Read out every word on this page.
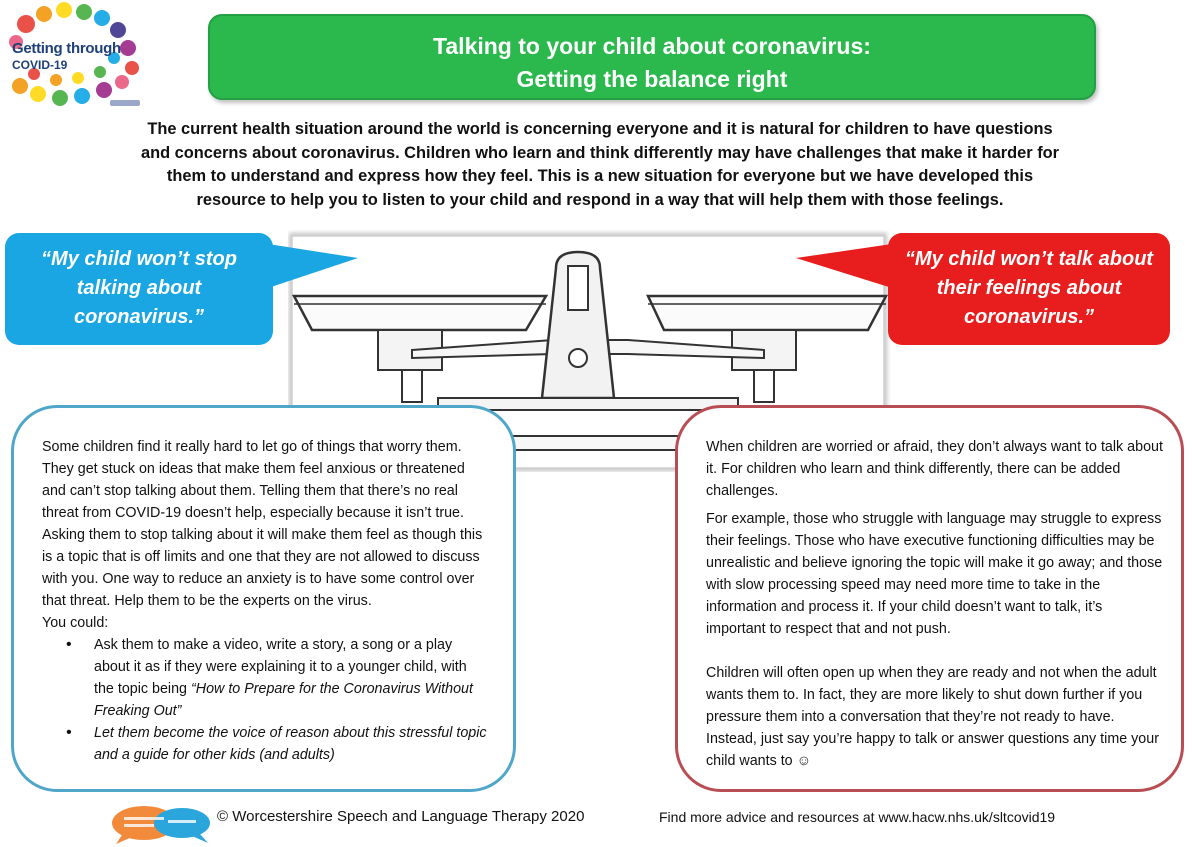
Getting through
COVID-19
Talking to your child about coronavirus:
Getting the balance right
The current health situation around the world is concerning everyone and it is natural for children to have questions
and concerns about coronavirus. Children who learn and think differently may have challenges that make it harder for
them to understand and express how they feel. This is a new situation for everyone but we have developed this
resource to help you to listen to your child and respond in a way that will help them with those feelings.
“My child won’t stop
talking about
coronavirus.”
“My child won’t talk about
their feelings about
coronavirus.”

Some children find it really hard to let go of things that worry them. They get stuck on ideas that make them feel anxious or threatened and can’t stop talking about them. Telling them that there’s no real threat from COVID-19 doesn’t help, especially because it isn’t true. Asking them to stop talking about it will make them feel as though this is a topic that is off limits and one that they are not allowed to discuss with you. One way to reduce an anxiety is to have some control over that threat. Help them to be the experts on the virus.

You could:

• Ask them to make a video, write a story, a song or a play about it as if they were explaining it to a younger child, with the topic being “How to Prepare for the Coronavirus Without Freaking Out”
• Let them become the voice of reason about this stressful topic and a guide for other kids (and adults)

When children are worried or afraid, they don’t always want to talk about it. For children who learn and think differently, there can be added challenges.

For example, those who struggle with language may struggle to express their feelings. Those who have executive functioning difficulties may be unrealistic and believe ignoring the topic will make it go away; and those with slow processing speed may need more time to take in the information and process it. If your child doesn’t want to talk, it’s important to respect that and not push.

Children will often open up when they are ready and not when the adult wants them to. In fact, they are more likely to shut down further if you pressure them into a conversation that they’re not ready to have. Instead, just say you’re happy to talk or answer questions any time your child wants to ☺

© Worcestershire Speech and Language Therapy 2020	Find more advice and resources at www.hacw.nhs.uk/sltcovid19
